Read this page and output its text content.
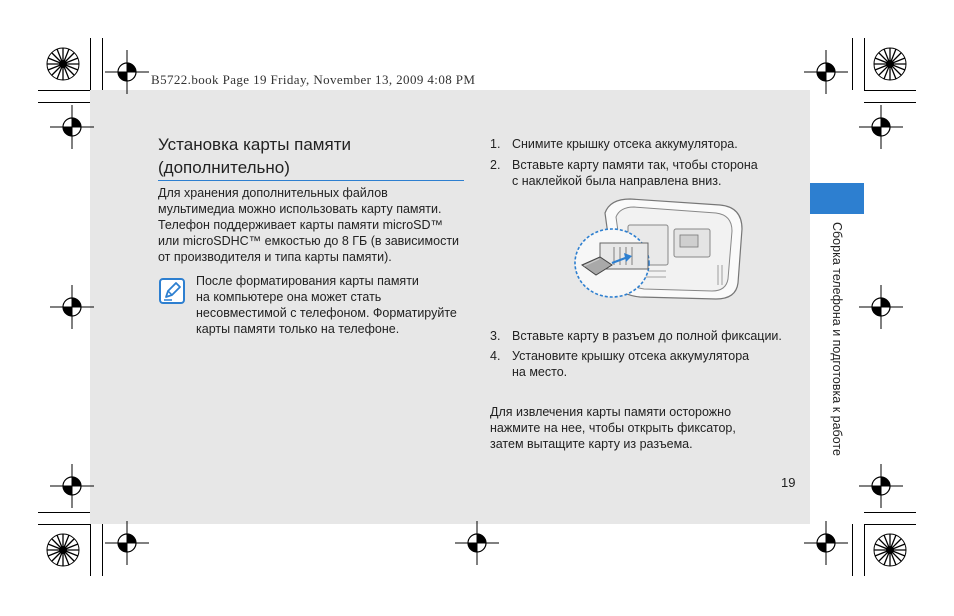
B5722.book Page 19 Friday, November 13, 2009 4:08 PM
Установка карты памяти
(дополнительно)
Для хранения дополнительных файлов
мультимедиа можно использовать карту памяти.
Телефон поддерживает карты памяти microSD™
или microSDHC™ емкостью до 8 ГБ (в зависимости
от производителя и типа карты памяти).
После форматирования карты памяти
на компьютере она может стать
несовместимой с телефоном. Форматируйте
карты памяти только на телефоне.
1. Снимите крышку отсека аккумулятора.
2. Вставьте карту памяти так, чтобы сторона
с наклейкой была направлена вниз.
3. Вставьте карту в разъем до полной фиксации.
4. Установите крышку отсека аккумулятора
на место.
Для извлечения карты памяти осторожно
нажмите на нее, чтобы открыть фиксатор,
затем вытащите карту из разъема.
19
Сборка телефона и подготовка к работе
